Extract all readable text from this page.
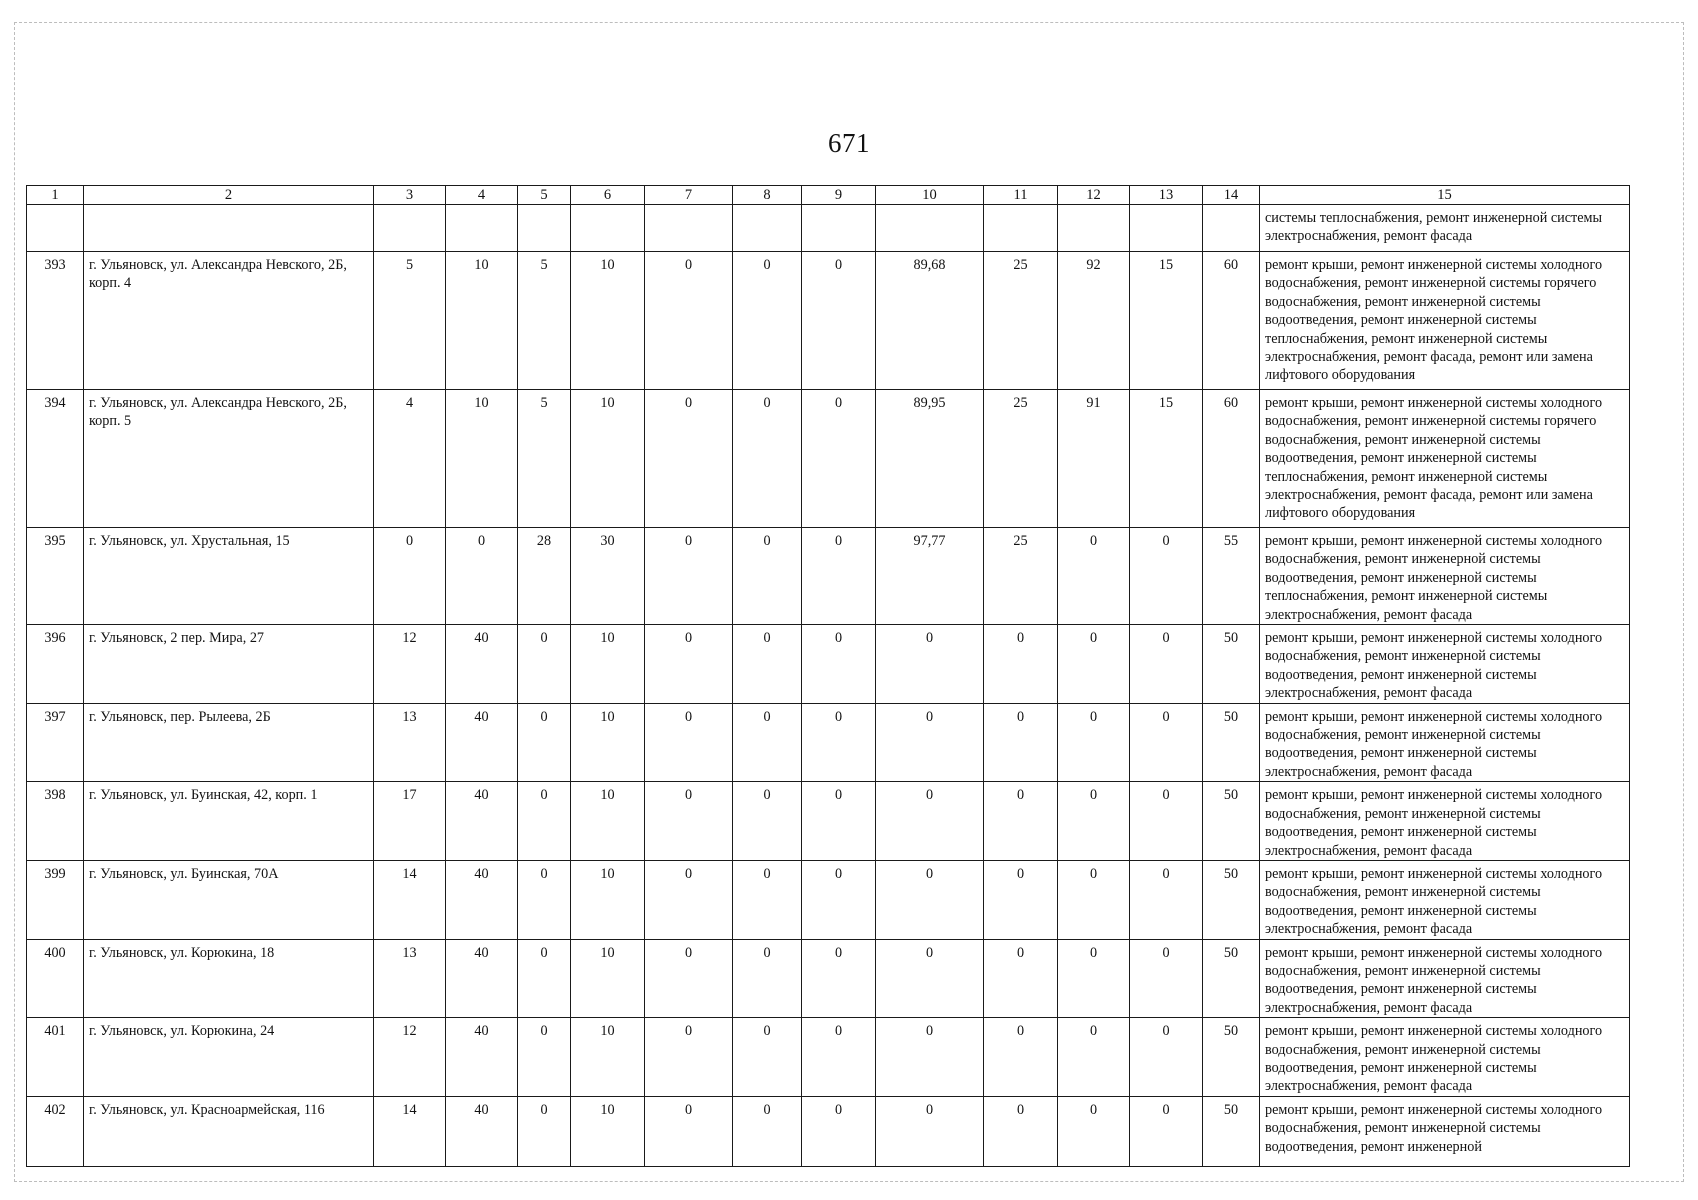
671
1	2	3	4	5	6	7	8	9	10	11	12	13	14	15
														системы теплоснабжения, ремонт инженерной системы электроснабжения, ремонт фасада
393	г. Ульяновск, ул. Александра Невского, 2Б, корп. 4	5	10	5	10	0	0	0	89,68	25	92	15	60	ремонт крыши, ремонт инженерной системы холодного водоснабжения, ремонт инженерной системы горячего водоснабжения, ремонт инженерной системы водоотведения, ремонт инженерной системы теплоснабжения, ремонт инженерной системы электроснабжения, ремонт фасада, ремонт или замена лифтового оборудования
394	г. Ульяновск, ул. Александра Невского, 2Б, корп. 5	4	10	5	10	0	0	0	89,95	25	91	15	60	ремонт крыши, ремонт инженерной системы холодного водоснабжения, ремонт инженерной системы горячего водоснабжения, ремонт инженерной системы водоотведения, ремонт инженерной системы теплоснабжения, ремонт инженерной системы электроснабжения, ремонт фасада, ремонт или замена лифтового оборудования
395	г. Ульяновск, ул. Хрустальная, 15	0	0	28	30	0	0	0	97,77	25	0	0	55	ремонт крыши, ремонт инженерной системы холодного водоснабжения, ремонт инженерной системы водоотведения, ремонт инженерной системы теплоснабжения, ремонт инженерной системы электроснабжения, ремонт фасада
396	г. Ульяновск, 2 пер. Мира, 27	12	40	0	10	0	0	0	0	0	0	0	50	ремонт крыши, ремонт инженерной системы холодного водоснабжения, ремонт инженерной системы водоотведения, ремонт инженерной системы электроснабжения, ремонт фасада
397	г. Ульяновск, пер. Рылеева, 2Б	13	40	0	10	0	0	0	0	0	0	0	50	ремонт крыши, ремонт инженерной системы холодного водоснабжения, ремонт инженерной системы водоотведения, ремонт инженерной системы электроснабжения, ремонт фасада
398	г. Ульяновск, ул. Буинская, 42, корп. 1	17	40	0	10	0	0	0	0	0	0	0	50	ремонт крыши, ремонт инженерной системы холодного водоснабжения, ремонт инженерной системы водоотведения, ремонт инженерной системы электроснабжения, ремонт фасада
399	г. Ульяновск, ул. Буинская, 70А	14	40	0	10	0	0	0	0	0	0	0	50	ремонт крыши, ремонт инженерной системы холодного водоснабжения, ремонт инженерной системы водоотведения, ремонт инженерной системы электроснабжения, ремонт фасада
400	г. Ульяновск, ул. Корюкина, 18	13	40	0	10	0	0	0	0	0	0	0	50	ремонт крыши, ремонт инженерной системы холодного водоснабжения, ремонт инженерной системы водоотведения, ремонт инженерной системы электроснабжения, ремонт фасада
401	г. Ульяновск, ул. Корюкина, 24	12	40	0	10	0	0	0	0	0	0	0	50	ремонт крыши, ремонт инженерной системы холодного водоснабжения, ремонт инженерной системы водоотведения, ремонт инженерной системы электроснабжения, ремонт фасада
402	г. Ульяновск, ул. Красноармейская, 116	14	40	0	10	0	0	0	0	0	0	0	50	ремонт крыши, ремонт инженерной системы холодного водоснабжения, ремонт инженерной системы водоотведения, ремонт инженерной
